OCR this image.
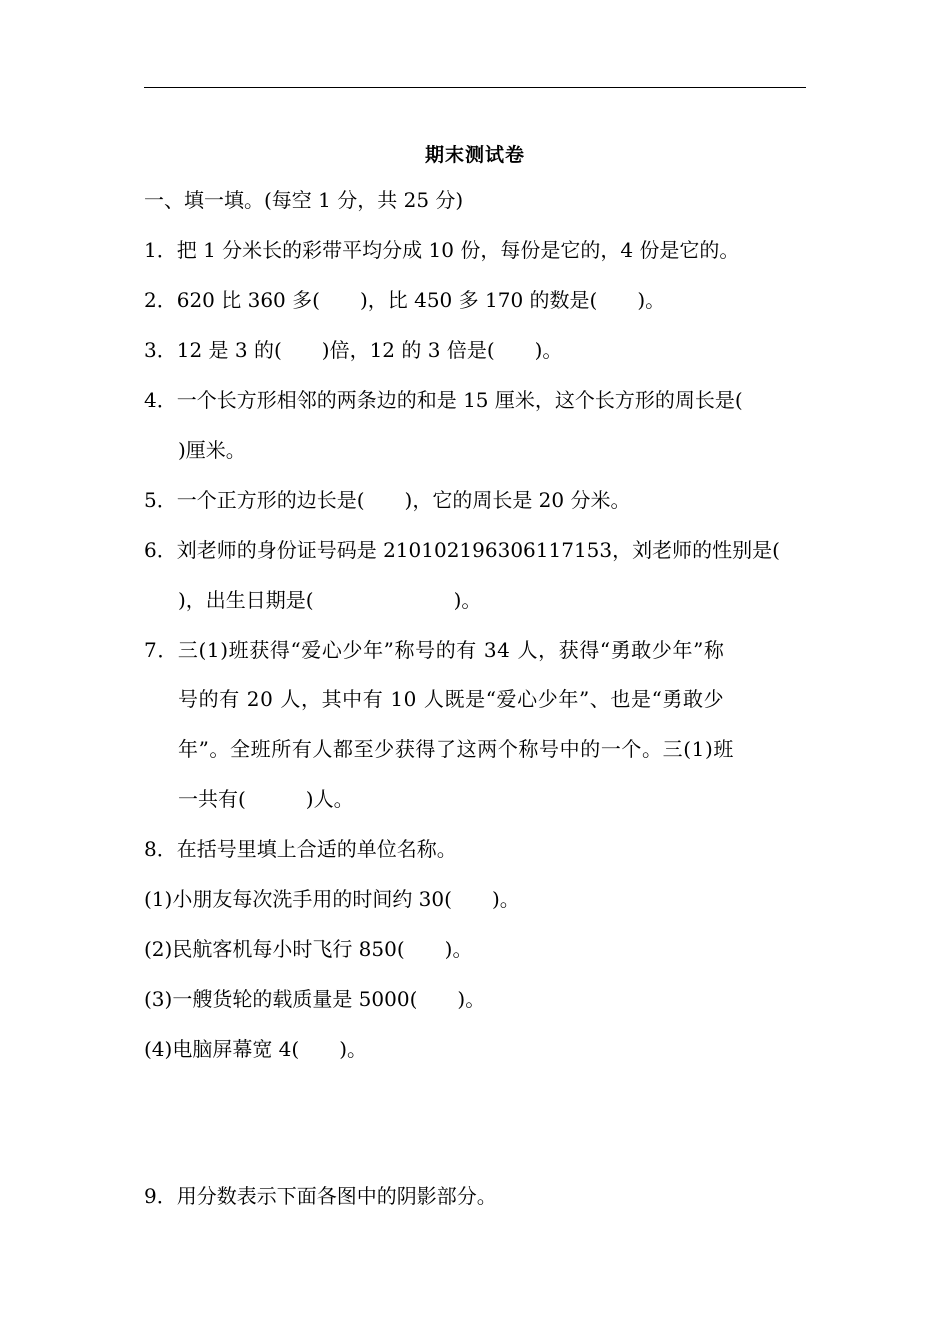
期末测试卷
一、填一填。(每空 1 分，共 25 分)
1．把 1 分米长的彩带平均分成 10 份，每份是它的，4 份是它的。
2．620 比 360 多(　　)，比 450 多 170 的数是(　　)。
3．12 是 3 的(　　)倍，12 的 3 倍是(　　)。
4．一个长方形相邻的两条边的和是 15 厘米，这个长方形的周长是(
)厘米。
5．一个正方形的边长是(　　)，它的周长是 20 分米。
6．刘老师的身份证号码是 210102196306117153，刘老师的性别是(
)，出生日期是(　　　　　　　)。
7．三(1)班获得“爱心少年”称号的有 34 人，获得“勇敢少年”称
号的有 20 人，其中有 10 人既是“爱心少年”、也是“勇敢少
年”。全班所有人都至少获得了这两个称号中的一个。三(1)班
一共有(　　　)人。
8．在括号里填上合适的单位名称。
(1)小朋友每次洗手用的时间约 30(　　)。
(2)民航客机每小时飞行 850(　　)。
(3)一艘货轮的载质量是 5000(　　)。
(4)电脑屏幕宽 4(　　)。
9．用分数表示下面各图中的阴影部分。
